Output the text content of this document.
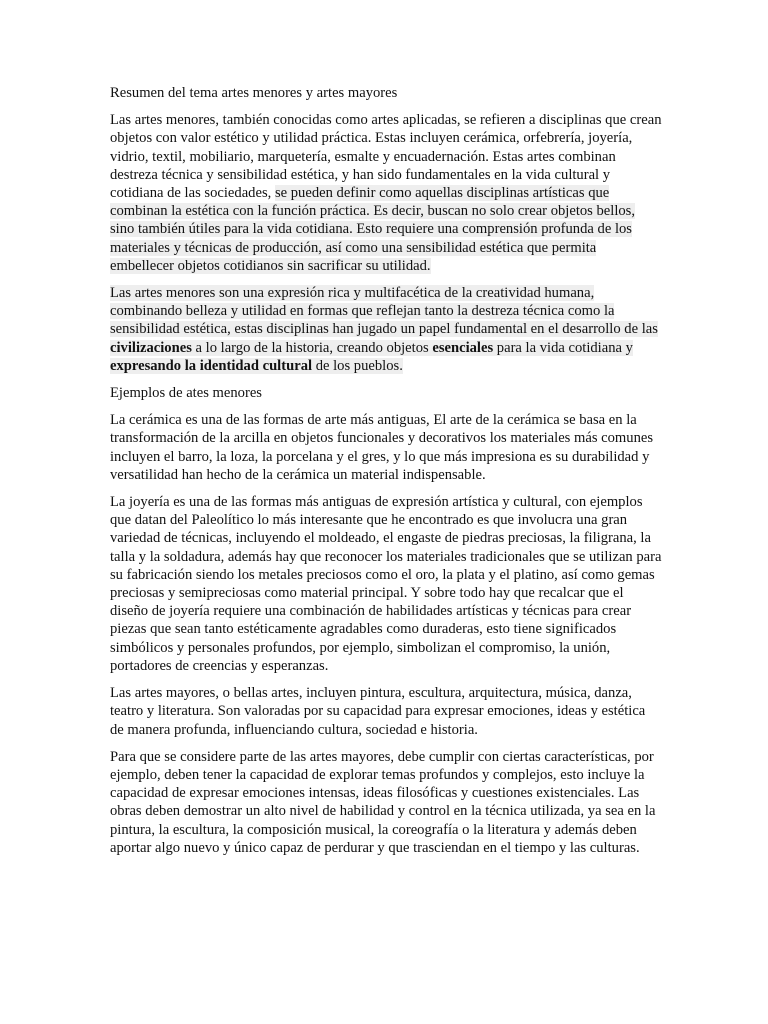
Resumen del tema artes menores y artes mayores

Las artes menores, también conocidas como artes aplicadas, se refieren a disciplinas que crean objetos con valor estético y utilidad práctica. Estas incluyen cerámica, orfebrería, joyería, vidrio, textil, mobiliario, marquetería, esmalte y encuadernación. Estas artes combinan destreza técnica y sensibilidad estética, y han sido fundamentales en la vida cultural y cotidiana de las sociedades, se pueden definir como aquellas disciplinas artísticas que combinan la estética con la función práctica. Es decir, buscan no solo crear objetos bellos, sino también útiles para la vida cotidiana. Esto requiere una comprensión profunda de los materiales y técnicas de producción, así como una sensibilidad estética que permita embellecer objetos cotidianos sin sacrificar su utilidad.

Las artes menores son una expresión rica y multifacética de la creatividad humana, combinando belleza y utilidad en formas que reflejan tanto la destreza técnica como la sensibilidad estética, estas disciplinas han jugado un papel fundamental en el desarrollo de las civilizaciones a lo largo de la historia, creando objetos esenciales para la vida cotidiana y expresando la identidad cultural de los pueblos.

Ejemplos de ates menores

La cerámica es una de las formas de arte más antiguas, El arte de la cerámica se basa en la transformación de la arcilla en objetos funcionales y decorativos los materiales más comunes incluyen el barro, la loza, la porcelana y el gres, y lo que más impresiona es su durabilidad y versatilidad han hecho de la cerámica un material indispensable.

La joyería es una de las formas más antiguas de expresión artística y cultural, con ejemplos que datan del Paleolítico lo más interesante que he encontrado es que involucra una gran variedad de técnicas, incluyendo el moldeado, el engaste de piedras preciosas, la filigrana, la talla y la soldadura, además hay que reconocer los materiales tradicionales que se utilizan para su fabricación siendo los metales preciosos como el oro, la plata y el platino, así como gemas preciosas y semipreciosas como material principal. Y sobre todo hay que recalcar que el diseño de joyería requiere una combinación de habilidades artísticas y técnicas para crear piezas que sean tanto estéticamente agradables como duraderas, esto tiene significados simbólicos y personales profundos, por ejemplo, simbolizan el compromiso, la unión, portadores de creencias y esperanzas.

Las artes mayores, o bellas artes, incluyen pintura, escultura, arquitectura, música, danza, teatro y literatura. Son valoradas por su capacidad para expresar emociones, ideas y estética de manera profunda, influenciando cultura, sociedad e historia.

Para que se considere parte de las artes mayores, debe cumplir con ciertas características, por ejemplo, deben tener la capacidad de explorar temas profundos y complejos, esto incluye la capacidad de expresar emociones intensas, ideas filosóficas y cuestiones existenciales. Las obras deben demostrar un alto nivel de habilidad y control en la técnica utilizada, ya sea en la pintura, la escultura, la composición musical, la coreografía o la literatura y además deben aportar algo nuevo y único capaz de perdurar y que trasciendan en el tiempo y las culturas.
